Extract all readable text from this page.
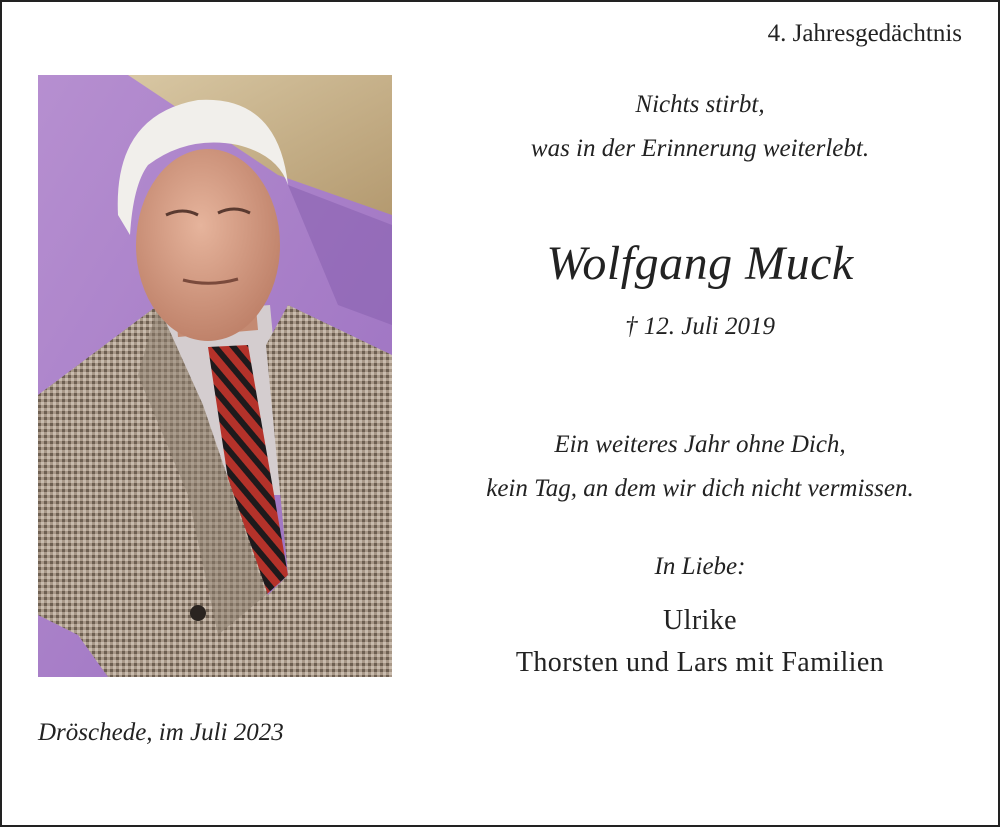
4. Jahresgedächtnis
Nichts stirbt,
was in der Erinnerung weiterlebt.
Wolfgang Muck
† 12. Juli 2019
Ein weiteres Jahr ohne Dich,
kein Tag, an dem wir dich nicht vermissen.
In Liebe:
Ulrike
Thorsten und Lars mit Familien
Dröschede, im Juli 2023
